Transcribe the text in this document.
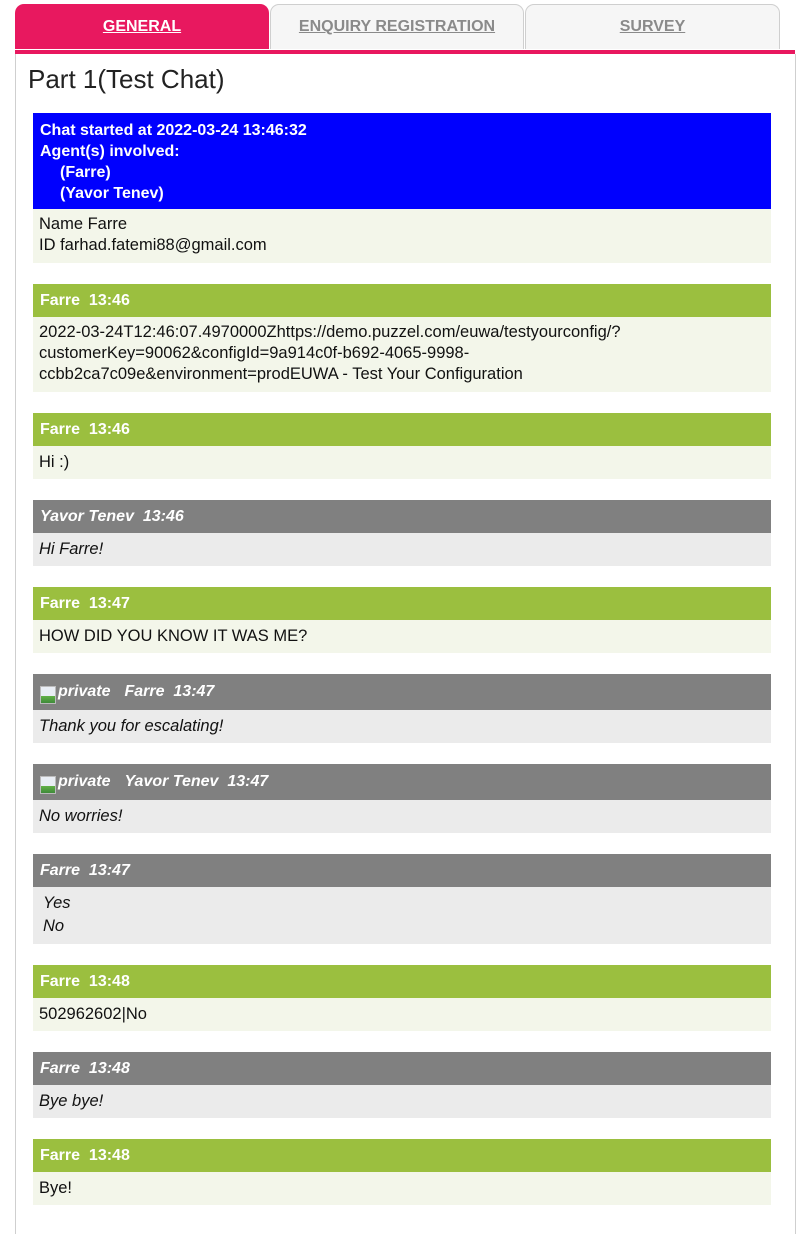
GENERAL	ENQUIRY REGISTRATION	SURVEY
Part 1(Test Chat)
Chat started at 2022-03-24 13:46:32
Agent(s) involved:
(Farre)
(Yavor Tenev)
Name Farre
ID farhad.fatemi88@gmail.com
Farre
13:46
2022-03-24T12:46:07.4970000Zhttps://demo.puzzel.com/euwa/testyourconfig/?
customerKey=90062&configId=9a914c0f-b692-4065-9998-
ccbb2ca7c09e&environment=prodEUWA - Test Your Configuration
Farre
13:46
Hi :)
Yavor Tenev
13:46
Hi Farre!
Farre
13:47
HOW DID YOU KNOW IT WAS ME?
private Farre
13:47
Thank you for escalating!
private Yavor Tenev
13:47
No worries!
Farre
13:47
Yes
No
Farre
13:48
502962602|No
Farre
13:48
Bye bye!
Farre
13:48
Bye!
